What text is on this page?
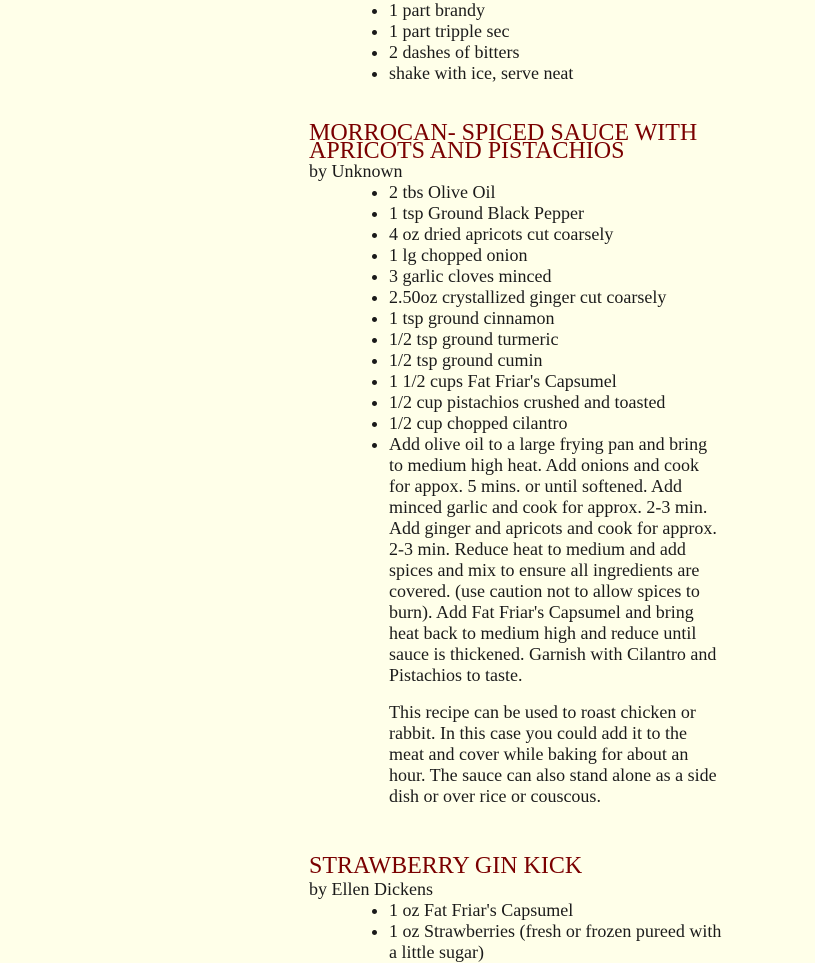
• 1 part brandy
• 1 part tripple sec
• 2 dashes of bitters
• shake with ice, serve neat
MORROCAN- SPICED SAUCE WITH APRICOTS AND PISTACHIOS
by Unknown
• 2 tbs Olive Oil
• 1 tsp Ground Black Pepper
• 4 oz dried apricots cut coarsely
• 1 lg chopped onion
• 3 garlic cloves minced
• 2.50oz crystallized ginger cut coarsely
• 1 tsp ground cinnamon
• 1/2 tsp ground turmeric
• 1/2 tsp ground cumin
• 1 1/2 cups Fat Friar's Capsumel
• 1/2 cup pistachios crushed and toasted
• 1/2 cup chopped cilantro
• Add olive oil to a large frying pan and bring to medium high heat. Add onions and cook for appox. 5 mins. or until softened. Add minced garlic and cook for approx. 2-3 min. Add ginger and apricots and cook for approx. 2-3 min. Reduce heat to medium and add spices and mix to ensure all ingredients are covered. (use caution not to allow spices to burn). Add Fat Friar's Capsumel and bring heat back to medium high and reduce until sauce is thickened. Garnish with Cilantro and Pistachios to taste.
This recipe can be used to roast chicken or rabbit. In this case you could add it to the meat and cover while baking for about an hour. The sauce can also stand alone as a side dish or over rice or couscous.
STRAWBERRY GIN KICK
by Ellen Dickens
• 1 oz Fat Friar's Capsumel
• 1 oz Strawberries (fresh or frozen pureed with a little sugar)
